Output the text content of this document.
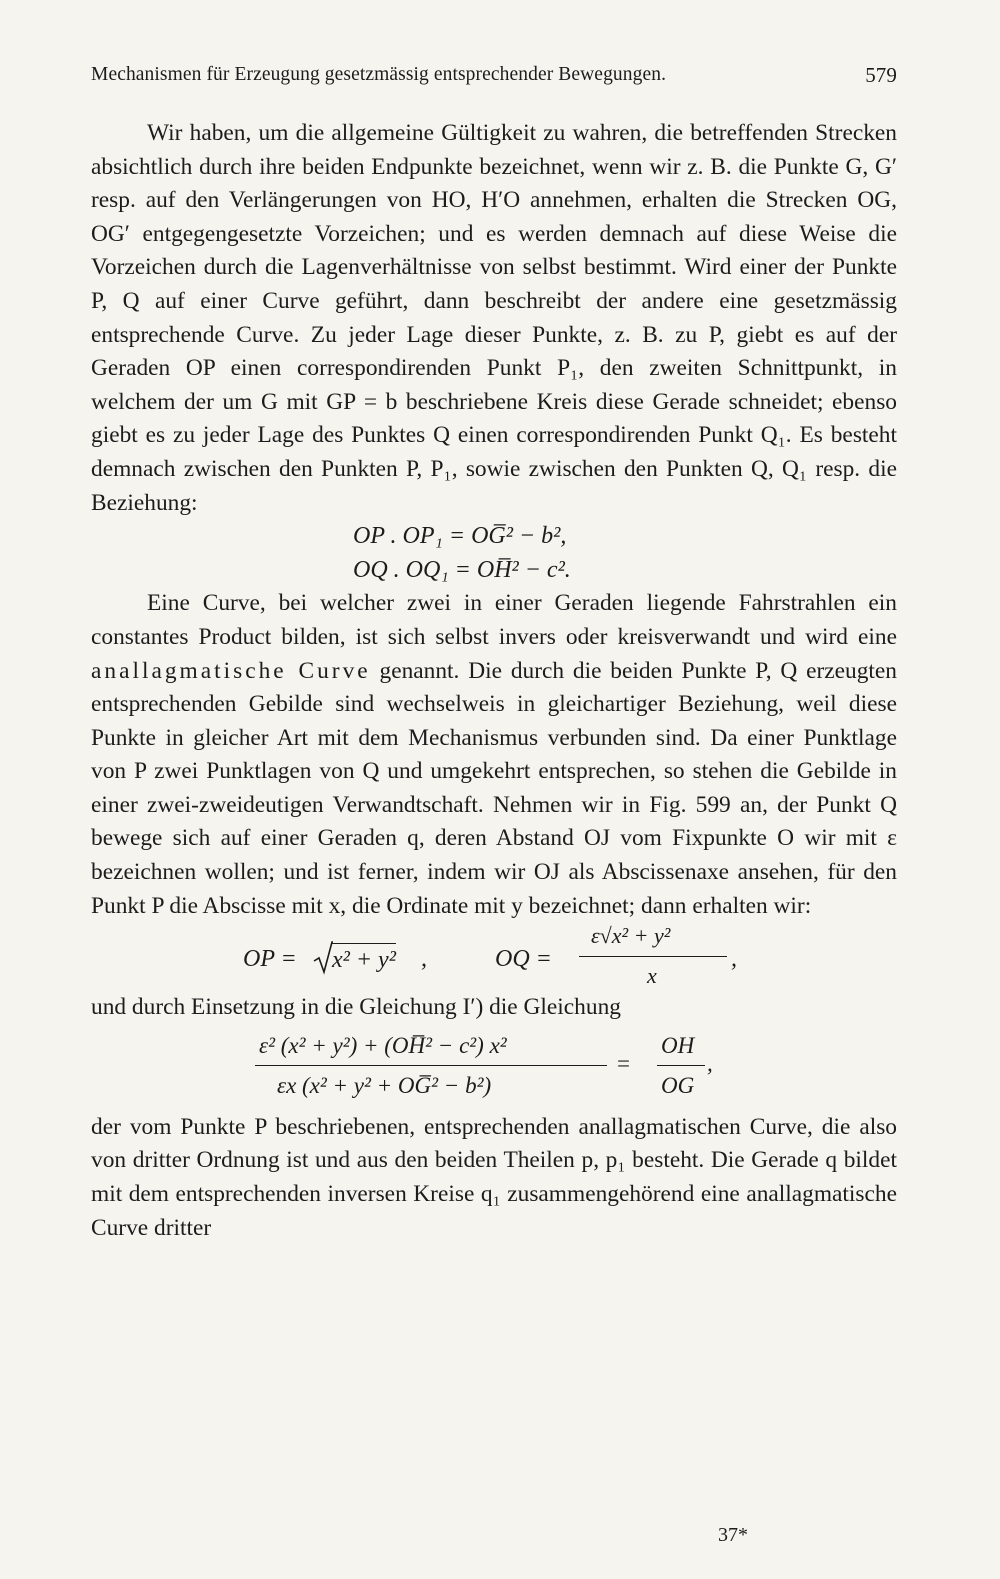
Mechanismen für Erzeugung gesetzmässig entsprechender Bewegungen.	579

Wir haben, um die allgemeine Gültigkeit zu wahren, die betreffenden Strecken absichtlich durch ihre beiden Endpunkte bezeichnet, wenn wir z. B. die Punkte G, G′ resp. auf den Verlängerungen von HO, H′O annehmen, erhalten die Strecken OG, OG′ entgegengesetzte Vorzeichen; und es werden demnach auf diese Weise die Vorzeichen durch die Lagenverhältnisse von selbst bestimmt. Wird einer der Punkte P, Q auf einer Curve geführt, dann beschreibt der andere eine gesetzmässig entsprechende Curve. Zu jeder Lage dieser Punkte, z. B. zu P, giebt es auf der Geraden OP einen correspondirenden Punkt P₁, den zweiten Schnittpunkt, in welchem der um G mit GP = b beschriebene Kreis diese Gerade schneidet; ebenso giebt es zu jeder Lage des Punktes Q einen correspondirenden Punkt Q₁. Es besteht demnach zwischen den Punkten P, P₁, sowie zwischen den Punkten Q, Q₁ resp. die Beziehung:

OP . OP₁ = OG̅² − b²,
OQ . OQ₁ = OH̅² − c².

Eine Curve, bei welcher zwei in einer Geraden liegende Fahrstrahlen ein constantes Product bilden, ist sich selbst invers oder kreisverwandt und wird eine anallagmatische Curve genannt. Die durch die beiden Punkte P, Q erzeugten entsprechenden Gebilde sind wechselweis in gleichartiger Beziehung, weil diese Punkte in gleicher Art mit dem Mechanismus verbunden sind. Da einer Punktlage von P zwei Punktlagen von Q und umgekehrt entsprechen, so stehen die Gebilde in einer zwei-zweideutigen Verwandtschaft. Nehmen wir in Fig. 599 an, der Punkt Q bewege sich auf einer Geraden q, deren Abstand OJ vom Fixpunkte O wir mit ε bezeichnen wollen; und ist ferner, indem wir OJ als Abscissenaxe ansehen, für den Punkt P die Abscisse mit x, die Ordinate mit y bezeichnet; dann erhalten wir:

OP = x² + y² ,	OQ =
ε√x² + y²
x
,

und durch Einsetzung in die Gleichung I′) die Gleichung

ε² (x² + y²) + (OH̅² − c²) x²
εx (x² + y² + OG̅² − b²)
=
OH
OG
,

der vom Punkte P beschriebenen, entsprechenden anallagmatischen Curve, die also von dritter Ordnung ist und aus den beiden Theilen p, p₁ besteht. Die Gerade q bildet mit dem entsprechenden inversen Kreise q₁ zusammengehörend eine anallagmatische Curve dritter

37*
